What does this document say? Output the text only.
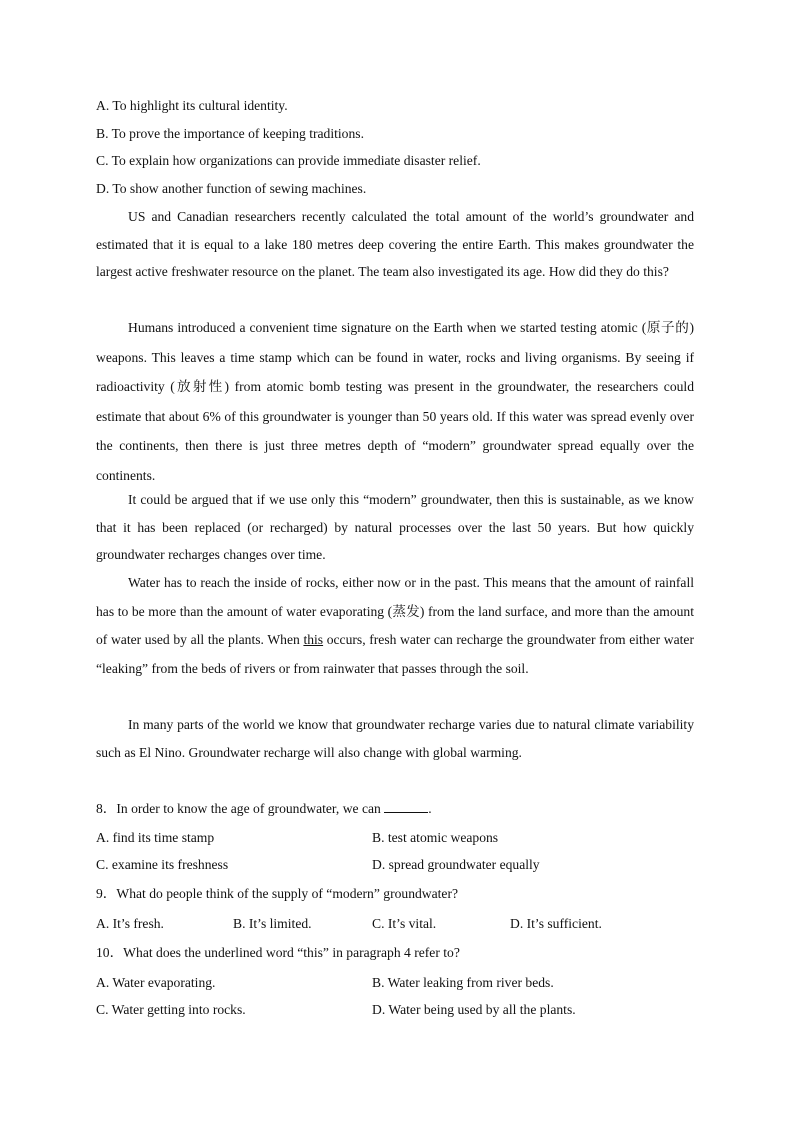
A. To highlight its cultural identity.
B. To prove the importance of keeping traditions.
C. To explain how organizations can provide immediate disaster relief.
D. To show another function of sewing machines.
US and Canadian researchers recently calculated the total amount of the world’s groundwater and estimated that it is equal to a lake 180 metres deep covering the entire Earth. This makes groundwater the largest active freshwater resource on the planet. The team also investigated its age. How did they do this?
Humans introduced a convenient time signature on the Earth when we started testing atomic (原子的) weapons. This leaves a time stamp which can be found in water, rocks and living organisms. By seeing if radioactivity (放射性) from atomic bomb testing was present in the groundwater, the researchers could estimate that about 6% of this groundwater is younger than 50 years old. If this water was spread evenly over the continents, then there is just three metres depth of “modern” groundwater spread equally over the continents.
It could be argued that if we use only this “modern” groundwater, then this is sustainable, as we know that it has been replaced (or recharged) by natural processes over the last 50 years. But how quickly groundwater recharges changes over time.
Water has to reach the inside of rocks, either now or in the past. This means that the amount of rainfall has to be more than the amount of water evaporating (蒸发) from the land surface, and more than the amount of water used by all the plants. When this occurs, fresh water can recharge the groundwater from either water “leaking” from the beds of rivers or from rainwater that passes through the soil.
In many parts of the world we know that groundwater recharge varies due to natural climate variability such as El Nino. Groundwater recharge will also change with global warming.
8．In order to know the age of groundwater, we can	.
A. find its time stamp	B. test atomic weapons
C. examine its freshness	D. spread groundwater equally
9．What do people think of the supply of “modern” groundwater?
A. It’s fresh.	B. It’s limited.	C. It’s vital.	D. It’s sufficient.
10．What does the underlined word “this” in paragraph 4 refer to?
A. Water evaporating.	B. Water leaking from river beds.
C. Water getting into rocks.	D. Water being used by all the plants.
